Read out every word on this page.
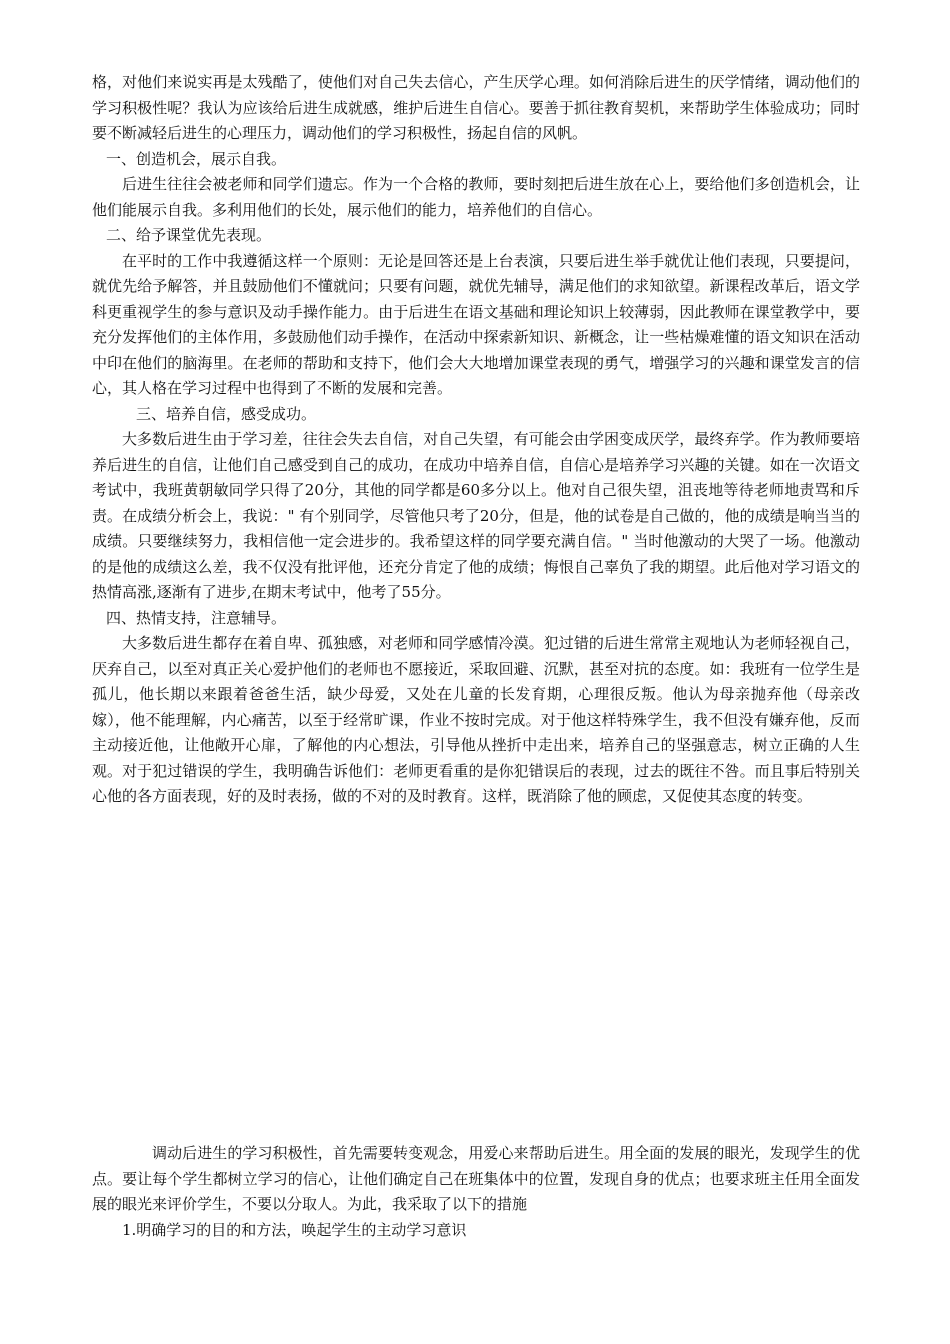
格，对他们来说实再是太残酷了，使他们对自己失去信心，产生厌学心理。如何消除后进生的厌学情绪，调动他们的学习积极性呢？我认为应该给后进生成就感，维护后进生自信心。要善于抓往教育契机，来帮助学生体验成功；同时要不断减轻后进生的心理压力，调动他们的学习积极性，扬起自信的风帆。

一、创造机会，展示自我。

后进生往往会被老师和同学们遗忘。作为一个合格的教师，要时刻把后进生放在心上，要给他们多创造机会，让他们能展示自我。多利用他们的长处，展示他们的能力，培养他们的自信心。

二、给予课堂优先表现。

在平时的工作中我遵循这样一个原则：无论是回答还是上台表演，只要后进生举手就优让他们表现，只要提问，就优先给予解答，并且鼓励他们不懂就问；只要有问题，就优先辅导，满足他们的求知欲望。新课程改革后，语文学科更重视学生的参与意识及动手操作能力。由于后进生在语文基础和理论知识上较薄弱，因此教师在课堂教学中，要充分发挥他们的主体作用，多鼓励他们动手操作，在活动中探索新知识、新概念，让一些枯燥难懂的语文知识在活动中印在他们的脑海里。在老师的帮助和支持下，他们会大大地增加课堂表现的勇气，增强学习的兴趣和课堂发言的信心，其人格在学习过程中也得到了不断的发展和完善。

三、培养自信，感受成功。

大多数后进生由于学习差，往往会失去自信，对自己失望，有可能会由学困变成厌学，最终弃学。作为教师要培养后进生的自信，让他们自己感受到自己的成功，在成功中培养自信，自信心是培养学习兴趣的关键。如在一次语文考试中，我班黄朝敏同学只得了20分，其他的同学都是60多分以上。他对自己很失望，沮丧地等待老师地责骂和斥责。在成绩分析会上，我说：" 有个别同学，尽管他只考了20分，但是，他的试卷是自己做的，他的成绩是响当当的成绩。只要继续努力，我相信他一定会进步的。我希望这样的同学要充满自信。" 当时他激动的大哭了一场。他激动的是他的成绩这么差，我不仅没有批评他，还充分肯定了他的成绩；悔恨自己辜负了我的期望。此后他对学习语文的热情高涨,逐渐有了进步,在期末考试中，他考了55分。

四、热情支持，注意辅导。

大多数后进生都存在着自卑、孤独感，对老师和同学感情冷漠。犯过错的后进生常常主观地认为老师轻视自己，厌弃自己，以至对真正关心爱护他们的老师也不愿接近，采取回避、沉默，甚至对抗的态度。如：我班有一位学生是孤儿，他长期以来跟着爸爸生活，缺少母爱，又处在儿童的长发育期，心理很反叛。他认为母亲抛弃他（母亲改嫁），他不能理解，内心痛苦，以至于经常旷课，作业不按时完成。对于他这样特殊学生，我不但没有嫌弃他，反而主动接近他，让他敞开心扉，了解他的内心想法，引导他从挫折中走出来，培养自己的坚强意志，树立正确的人生观。对于犯过错误的学生，我明确告诉他们：老师更看重的是你犯错误后的表现，过去的既往不咎。而且事后特别关心他的各方面表现，好的及时表扬，做的不对的及时教育。这样，既消除了他的顾虑，又促使其态度的转变。

调动后进生的学习积极性，首先需要转变观念，用爱心来帮助后进生。用全面的发展的眼光，发现学生的优点。要让每个学生都树立学习的信心，让他们确定自己在班集体中的位置，发现自身的优点；也要求班主任用全面发展的眼光来评价学生，不要以分取人。为此，我采取了以下的措施

1.明确学习的目的和方法，唤起学生的主动学习意识
